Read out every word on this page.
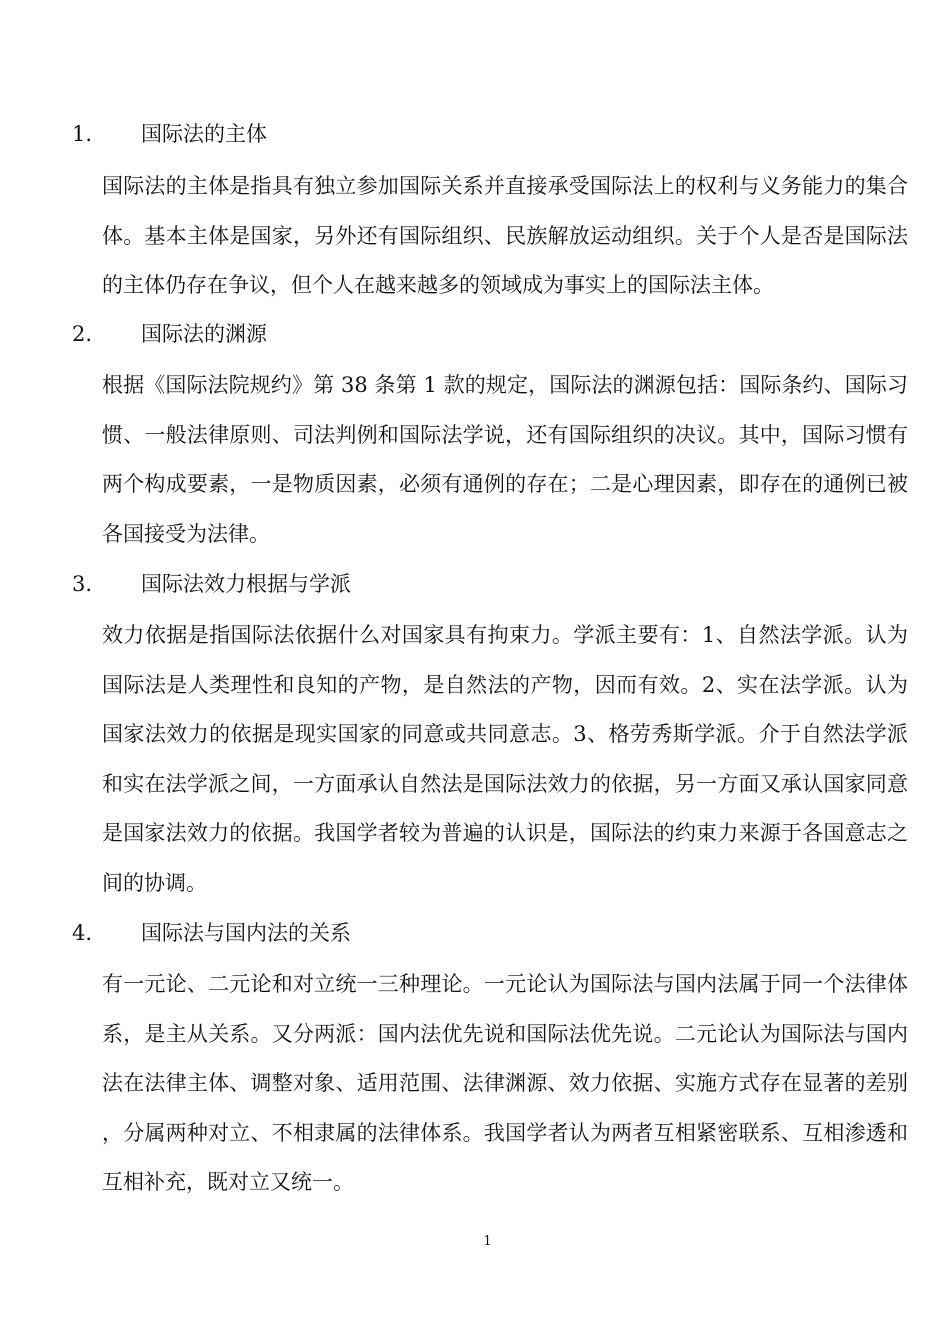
1. 国际法的主体
国际法的主体是指具有独立参加国际关系并直接承受国际法上的权利与义务能力的集合体。基本主体是国家，另外还有国际组织、民族解放运动组织。关于个人是否是国际法的主体仍存在争议，但个人在越来越多的领域成为事实上的国际法主体。
2. 国际法的渊源
根据《国际法院规约》第 38 条第 1 款的规定，国际法的渊源包括：国际条约、国际习惯、一般法律原则、司法判例和国际法学说，还有国际组织的决议。其中，国际习惯有两个构成要素，一是物质因素，必须有通例的存在；二是心理因素，即存在的通例已被各国接受为法律。
3. 国际法效力根据与学派
效力依据是指国际法依据什么对国家具有拘束力。学派主要有：1、自然法学派。认为国际法是人类理性和良知的产物，是自然法的产物，因而有效。2、实在法学派。认为国家法效力的依据是现实国家的同意或共同意志。3、格劳秀斯学派。介于自然法学派和实在法学派之间，一方面承认自然法是国际法效力的依据，另一方面又承认国家同意是国家法效力的依据。我国学者较为普遍的认识是，国际法的约束力来源于各国意志之间的协调。
4. 国际法与国内法的关系
有一元论、二元论和对立统一三种理论。一元论认为国际法与国内法属于同一个法律体系，是主从关系。又分两派：国内法优先说和国际法优先说。二元论认为国际法与国内法在法律主体、调整对象、适用范围、法律渊源、效力依据、实施方式存在显著的差别，分属两种对立、不相隶属的法律体系。我国学者认为两者互相紧密联系、互相渗透和互相补充，既对立又统一。
1
